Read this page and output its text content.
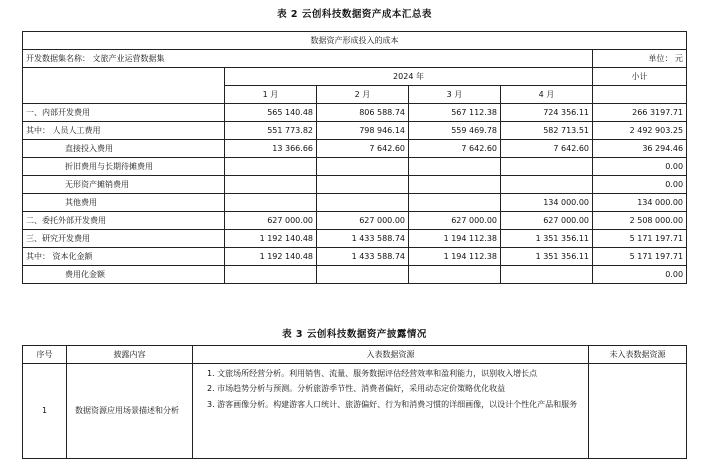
表 2 云创科技数据资产成本汇总表
数据资产形成投入的成本					
开发数据集名称： 文旅产业运营数据集					单位： 元
	2024 年				小计
	1 月	2 月	3 月	4 月	
一、内部开发费用	565 140.48	806 588.74	567 112.38	724 356.11	266 3197.71
其中： 人员人工费用	551 773.82	798 946.14	559 469.78	582 713.51	2 492 903.25
直接投入费用	13 366.66	7 642.60	7 642.60	7 642.60	36 294.46
折旧费用与长期待摊费用					0.00
无形资产摊销费用					0.00
其他费用				134 000.00	134 000.00
二、委托外部开发费用	627 000.00	627 000.00	627 000.00	627 000.00	2 508 000.00
三、研究开发费用	1 192 140.48	1 433 588.74	1 194 112.38	1 351 356.11	5 171 197.71
其中： 资本化金额	1 192 140.48	1 433 588.74	1 194 112.38	1 351 356.11	5 171 197.71
费用化金额					0.00
表 3 云创科技数据资产披露情况
序号	披露内容	入表数据资源	未入表数据资源
1	数据资源应用场景描述和分析	1. 文旅场所经营分析。利用销售、流量、服务数据评估经营效率和盈利能力，识别收入增长点
2. 市场趋势分析与预测。分析旅游季节性、消费者偏好，采用动态定价策略优化收益
3. 游客画像分析。构建游客人口统计、旅游偏好、行为和消费习惯的详细画像，以设计个性化产品和服务	
